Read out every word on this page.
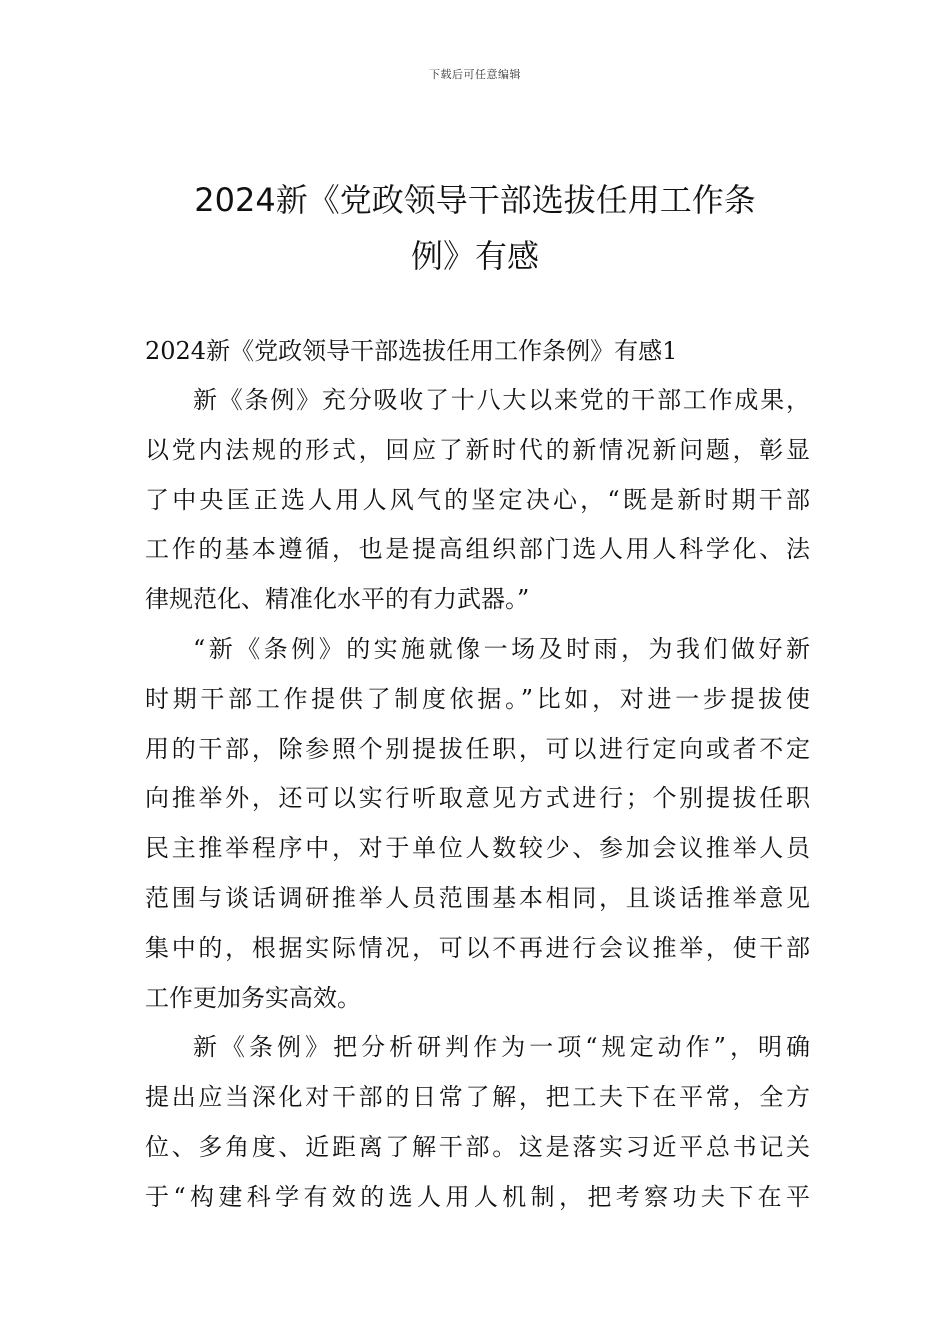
下载后可任意编辑
2024新《党政领导干部选拔任用工作条
例》有感

2024新《党政领导干部选拔任用工作条例》有感1

新《条例》充分吸收了十八大以来党的干部工作成果，
以党内法规的形式，回应了新时代的新情况新问题，彰显
了中央匡正选人用人风气的坚定决心，“既是新时期干部
工作的基本遵循，也是提高组织部门选人用人科学化、法
律规范化、精准化水平的有力武器。”

“新《条例》的实施就像一场及时雨，为我们做好新
时期干部工作提供了制度依据。”比如，对进一步提拔使
用的干部，除参照个别提拔任职，可以进行定向或者不定
向推举外，还可以实行听取意见方式进行；个别提拔任职
民主推举程序中，对于单位人数较少、参加会议推举人员
范围与谈话调研推举人员范围基本相同，且谈话推举意见
集中的，根据实际情况，可以不再进行会议推举，使干部
工作更加务实高效。

新《条例》把分析研判作为一项“规定动作”，明确
提出应当深化对干部的日常了解，把工夫下在平常，全方
位、多角度、近距离了解干部。这是落实习近平总书记关
于“构建科学有效的选人用人机制，把考察功夫下在平
